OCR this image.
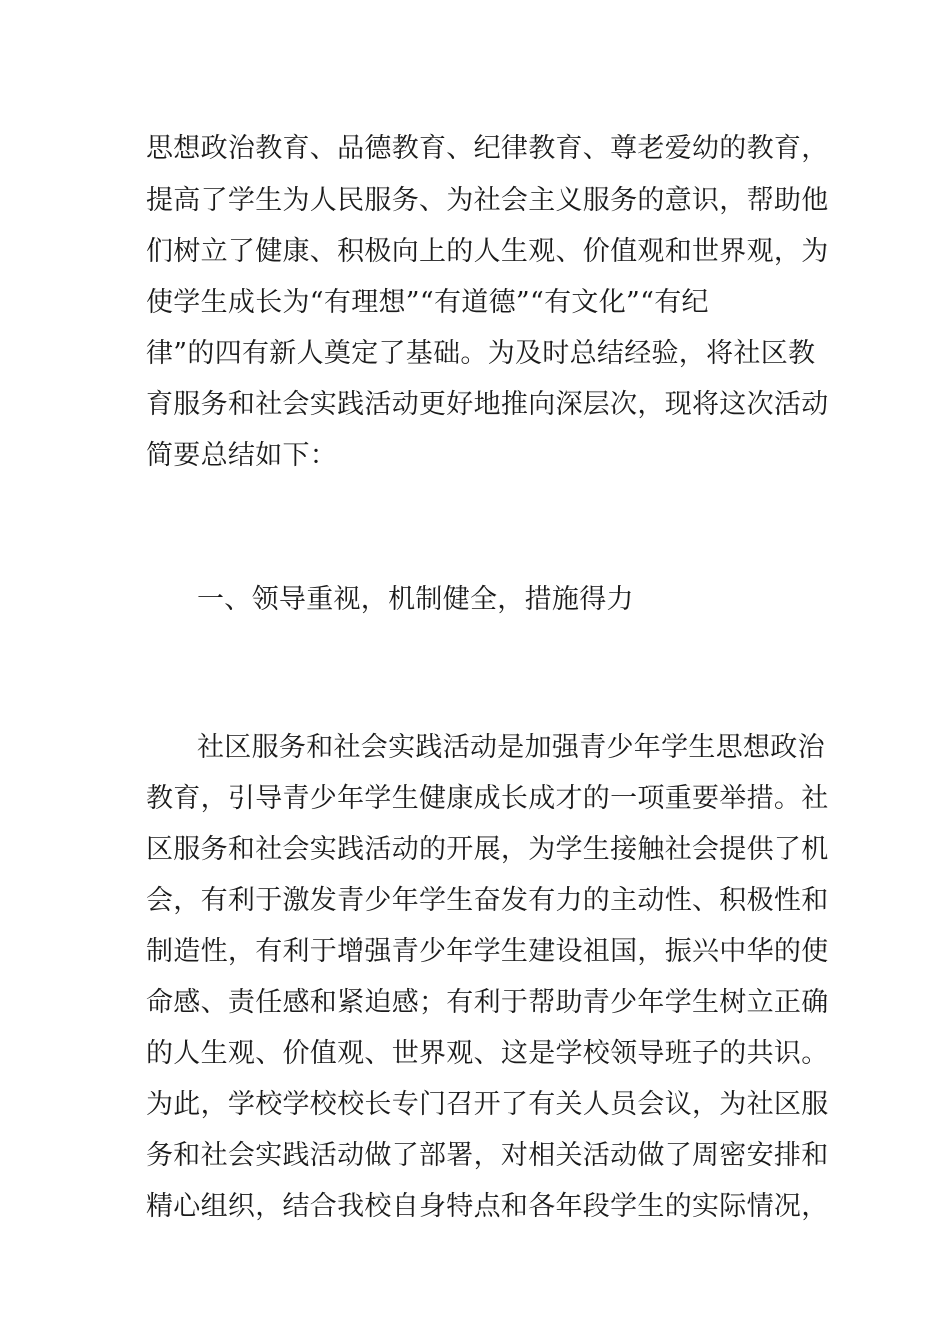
思想政治教育、品德教育、纪律教育、尊老爱幼的教育，
提高了学生为人民服务、为社会主义服务的意识，帮助他
们树立了健康、积极向上的人生观、价值观和世界观，为
使学生成长为“有理想”“有道德”“有文化”“有纪
律”的四有新人奠定了基础。为及时总结经验，将社区教
育服务和社会实践活动更好地推向深层次，现将这次活动
简要总结如下：
一、领导重视，机制健全，措施得力
社区服务和社会实践活动是加强青少年学生思想政治
教育，引导青少年学生健康成长成才的一项重要举措。社
区服务和社会实践活动的开展，为学生接触社会提供了机
会，有利于激发青少年学生奋发有力的主动性、积极性和
制造性，有利于增强青少年学生建设祖国，振兴中华的使
命感、责任感和紧迫感；有利于帮助青少年学生树立正确
的人生观、价值观、世界观、这是学校领导班子的共识。
为此，学校学校校长专门召开了有关人员会议，为社区服
务和社会实践活动做了部署，对相关活动做了周密安排和
精心组织，结合我校自身特点和各年段学生的实际情况，
